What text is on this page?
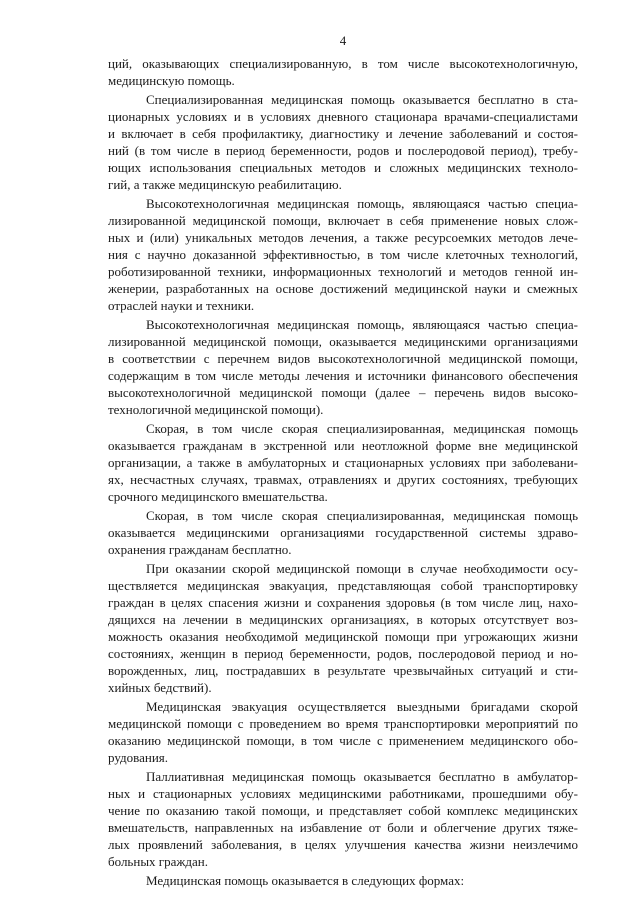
4
ций, оказывающих специализированную, в том числе высокотехнологичную,
медицинскую помощь.
Специализированная медицинская помощь оказывается бесплатно в ста-
ционарных условиях и в условиях дневного стационара врачами-специалистами
и включает в себя профилактику, диагностику и лечение заболеваний и состоя-
ний (в том числе в период беременности, родов и послеродовой период), требу-
ющих использования специальных методов и сложных медицинских техноло-
гий, а также медицинскую реабилитацию.
Высокотехнологичная медицинская помощь, являющаяся частью специа-
лизированной медицинской помощи, включает в себя применение новых слож-
ных и (или) уникальных методов лечения, а также ресурсоемких методов лече-
ния с научно доказанной эффективностью, в том числе клеточных технологий,
роботизированной техники, информационных технологий и методов генной ин-
женерии, разработанных на основе достижений медицинской науки и смежных
отраслей науки и техники.
Высокотехнологичная медицинская помощь, являющаяся частью специа-
лизированной медицинской помощи, оказывается медицинскими организациями
в соответствии с перечнем видов высокотехнологичной медицинской помощи,
содержащим в том числе методы лечения и источники финансового обеспечения
высокотехнологичной медицинской помощи (далее – перечень видов высоко-
технологичной медицинской помощи).
Скорая, в том числе скорая специализированная, медицинская помощь
оказывается гражданам в экстренной или неотложной форме вне медицинской
организации, а также в амбулаторных и стационарных условиях при заболевани-
ях, несчастных случаях, травмах, отравлениях и других состояниях, требующих
срочного медицинского вмешательства.
Скорая, в том числе скорая специализированная, медицинская помощь
оказывается медицинскими организациями государственной системы здраво-
охранения гражданам бесплатно.
При оказании скорой медицинской помощи в случае необходимости осу-
ществляется медицинская эвакуация, представляющая собой транспортировку
граждан в целях спасения жизни и сохранения здоровья (в том числе лиц, нахо-
дящихся на лечении в медицинских организациях, в которых отсутствует воз-
можность оказания необходимой медицинской помощи при угрожающих жизни
состояниях, женщин в период беременности, родов, послеродовой период и но-
ворожденных, лиц, пострадавших в результате чрезвычайных ситуаций и сти-
хийных бедствий).
Медицинская эвакуация осуществляется выездными бригадами скорой
медицинской помощи с проведением во время транспортировки мероприятий по
оказанию медицинской помощи, в том числе с применением медицинского обо-
рудования.
Паллиативная медицинская помощь оказывается бесплатно в амбулатор-
ных и стационарных условиях медицинскими работниками, прошедшими обу-
чение по оказанию такой помощи, и представляет собой комплекс медицинских
вмешательств, направленных на избавление от боли и облегчение других тяже-
лых проявлений заболевания, в целях улучшения качества жизни неизлечимо
больных граждан.
Медицинская помощь оказывается в следующих формах:
